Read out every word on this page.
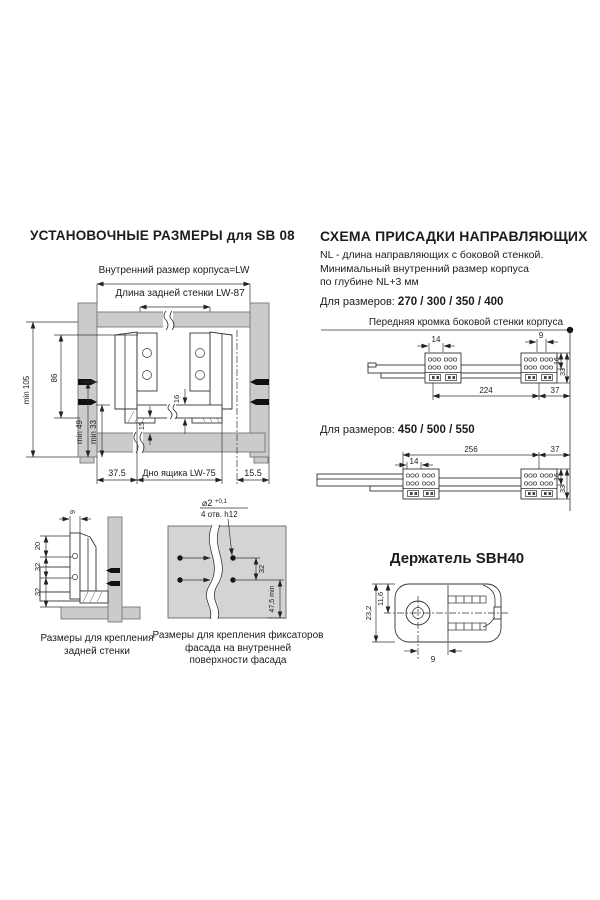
УСТАНОВОЧНЫЕ РАЗМЕРЫ для SB 08
Внутренний размер корпуса=LW
Длина задней стенки LW-87
16
15
min 105 86
min 49 min 33
37.5 Дно ящика LW-75	15.5
20
32
32
9
Размеры для крепления
задней стенки
⌀2 +0,1
4 отв. h12
32
47,5 min
Размеры для крепления фиксаторов
фасада на внутренней
поверхности фасада
СХЕМА ПРИСАДКИ НАПРАВЛЯЮЩИХ
NL - длина направляющих с боковой стенкой.
Минимальный внутренний размер корпуса
по глубине NL+3 мм
Для размеров: 270 / 300 / 350 / 400
Передняя кромка боковой стенки корпуса
14	9
16
33
224	37
256	37
14
16
33
Для размеров: 450 / 500 / 550
Держатель SBH40
23,2
11,6
9
